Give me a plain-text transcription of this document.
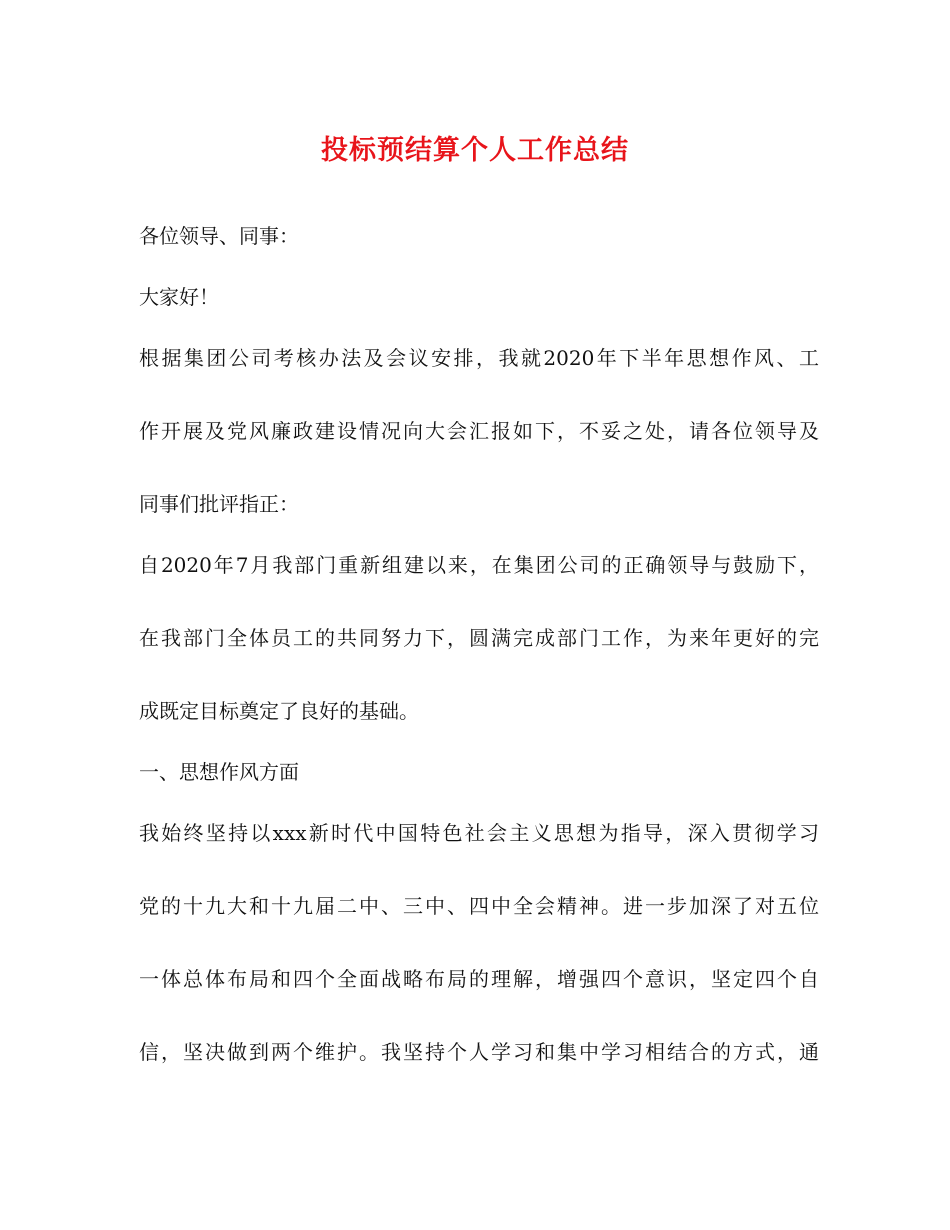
投标预结算个人工作总结

各位领导、同事：

大家好！

根据集团公司考核办法及会议安排，我就2020年下半年思想作风、工

作开展及党风廉政建设情况向大会汇报如下，不妥之处，请各位领导及

同事们批评指正：

自2020年7月我部门重新组建以来，在集团公司的正确领导与鼓励下，

在我部门全体员工的共同努力下，圆满完成部门工作，为来年更好的完

成既定目标奠定了良好的基础。

一、思想作风方面

我始终坚持以xxx新时代中国特色社会主义思想为指导，深入贯彻学习

党的十九大和十九届二中、三中、四中全会精神。进一步加深了对五位

一体总体布局和四个全面战略布局的理解，增强四个意识，坚定四个自

信，坚决做到两个维护。我坚持个人学习和集中学习相结合的方式，通
